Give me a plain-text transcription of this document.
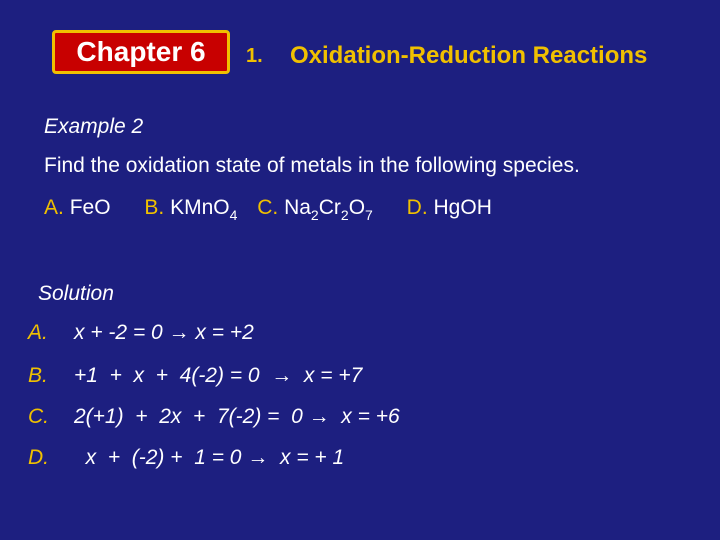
Chapter 6	1. Oxidation-Reduction Reactions
Example 2
Find the oxidation state of metals in the following species.
A. FeO B. KMnO$_4$ C. $Na_2Cr_2O_7$ D. HgOH
Solution
A. x + -2 = 0 → x = +2
B. +1  +  x  +  4(-2) = 0  →  x = +7
C. 2(+1)  +  2x  +  7(-2) =  0 →  x = +6
D.  x  +  (-2) +  1 = 0 →  x = + 1
